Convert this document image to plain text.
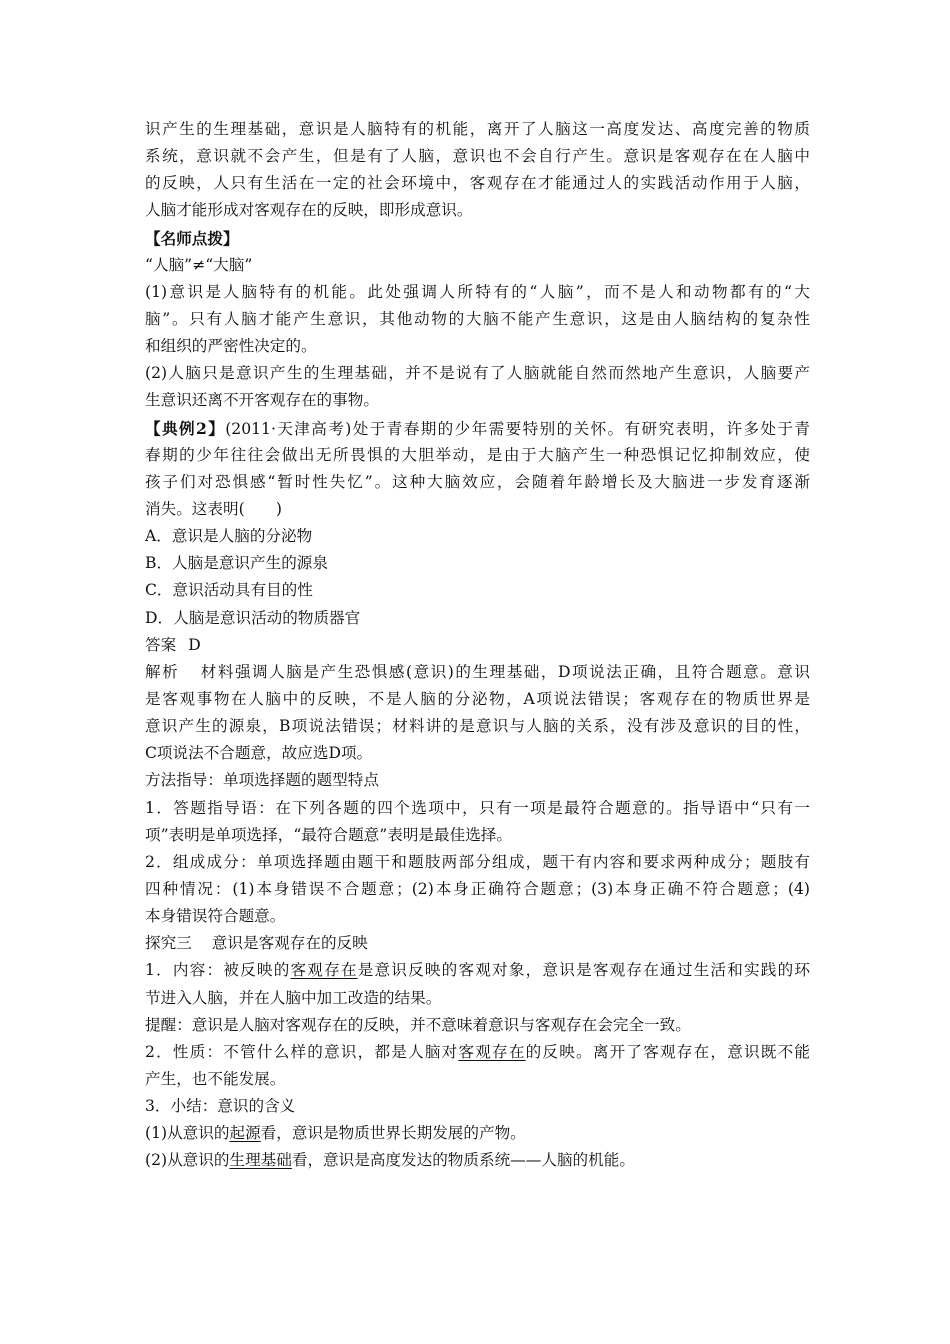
识产生的生理基础，意识是人脑特有的机能，离开了人脑这一高度发达、高度完善的物质
系统，意识就不会产生，但是有了人脑，意识也不会自行产生。意识是客观存在在人脑中
的反映，人只有生活在一定的社会环境中，客观存在才能通过人的实践活动作用于人脑，
人脑才能形成对客观存在的反映，即形成意识。
【名师点拨】
“人脑”≠“大脑”
(1)意识是人脑特有的机能。此处强调人所特有的“人脑”，而不是人和动物都有的“大
脑”。只有人脑才能产生意识，其他动物的大脑不能产生意识，这是由人脑结构的复杂性
和组织的严密性决定的。
(2)人脑只是意识产生的生理基础，并不是说有了人脑就能自然而然地产生意识，人脑要产
生意识还离不开客观存在的事物。
【典例2】(2011·天津高考)处于青春期的少年需要特别的关怀。有研究表明，许多处于青
春期的少年往往会做出无所畏惧的大胆举动，是由于大脑产生一种恐惧记忆抑制效应，使
孩子们对恐惧感“暂时性失忆”。这种大脑效应，会随着年龄增长及大脑进一步发育逐渐
消失。这表明(　　)
A．意识是人脑的分泌物
B．人脑是意识产生的源泉
C．意识活动具有目的性
D．人脑是意识活动的物质器官
答案 D
解析 材料强调人脑是产生恐惧感(意识)的生理基础，D项说法正确，且符合题意。意识
是客观事物在人脑中的反映，不是人脑的分泌物，A项说法错误；客观存在的物质世界是
意识产生的源泉，B项说法错误；材料讲的是意识与人脑的关系，没有涉及意识的目的性，
C项说法不合题意，故应选D项。
方法指导：单项选择题的题型特点
1．答题指导语：在下列各题的四个选项中，只有一项是最符合题意的。指导语中“只有一
项”表明是单项选择，“最符合题意”表明是最佳选择。
2．组成成分：单项选择题由题干和题肢两部分组成，题干有内容和要求两种成分；题肢有
四种情况：(1)本身错误不合题意；(2)本身正确符合题意；(3)本身正确不符合题意；(4)
本身错误符合题意。
探究三 意识是客观存在的反映
1．内容：被反映的客观存在是意识反映的客观对象，意识是客观存在通过生活和实践的环
节进入人脑，并在人脑中加工改造的结果。
提醒：意识是人脑对客观存在的反映，并不意味着意识与客观存在会完全一致。
2．性质：不管什么样的意识，都是人脑对客观存在的反映。离开了客观存在，意识既不能
产生，也不能发展。
3．小结：意识的含义
(1)从意识的起源看，意识是物质世界长期发展的产物。
(2)从意识的生理基础看，意识是高度发达的物质系统——人脑的机能。
